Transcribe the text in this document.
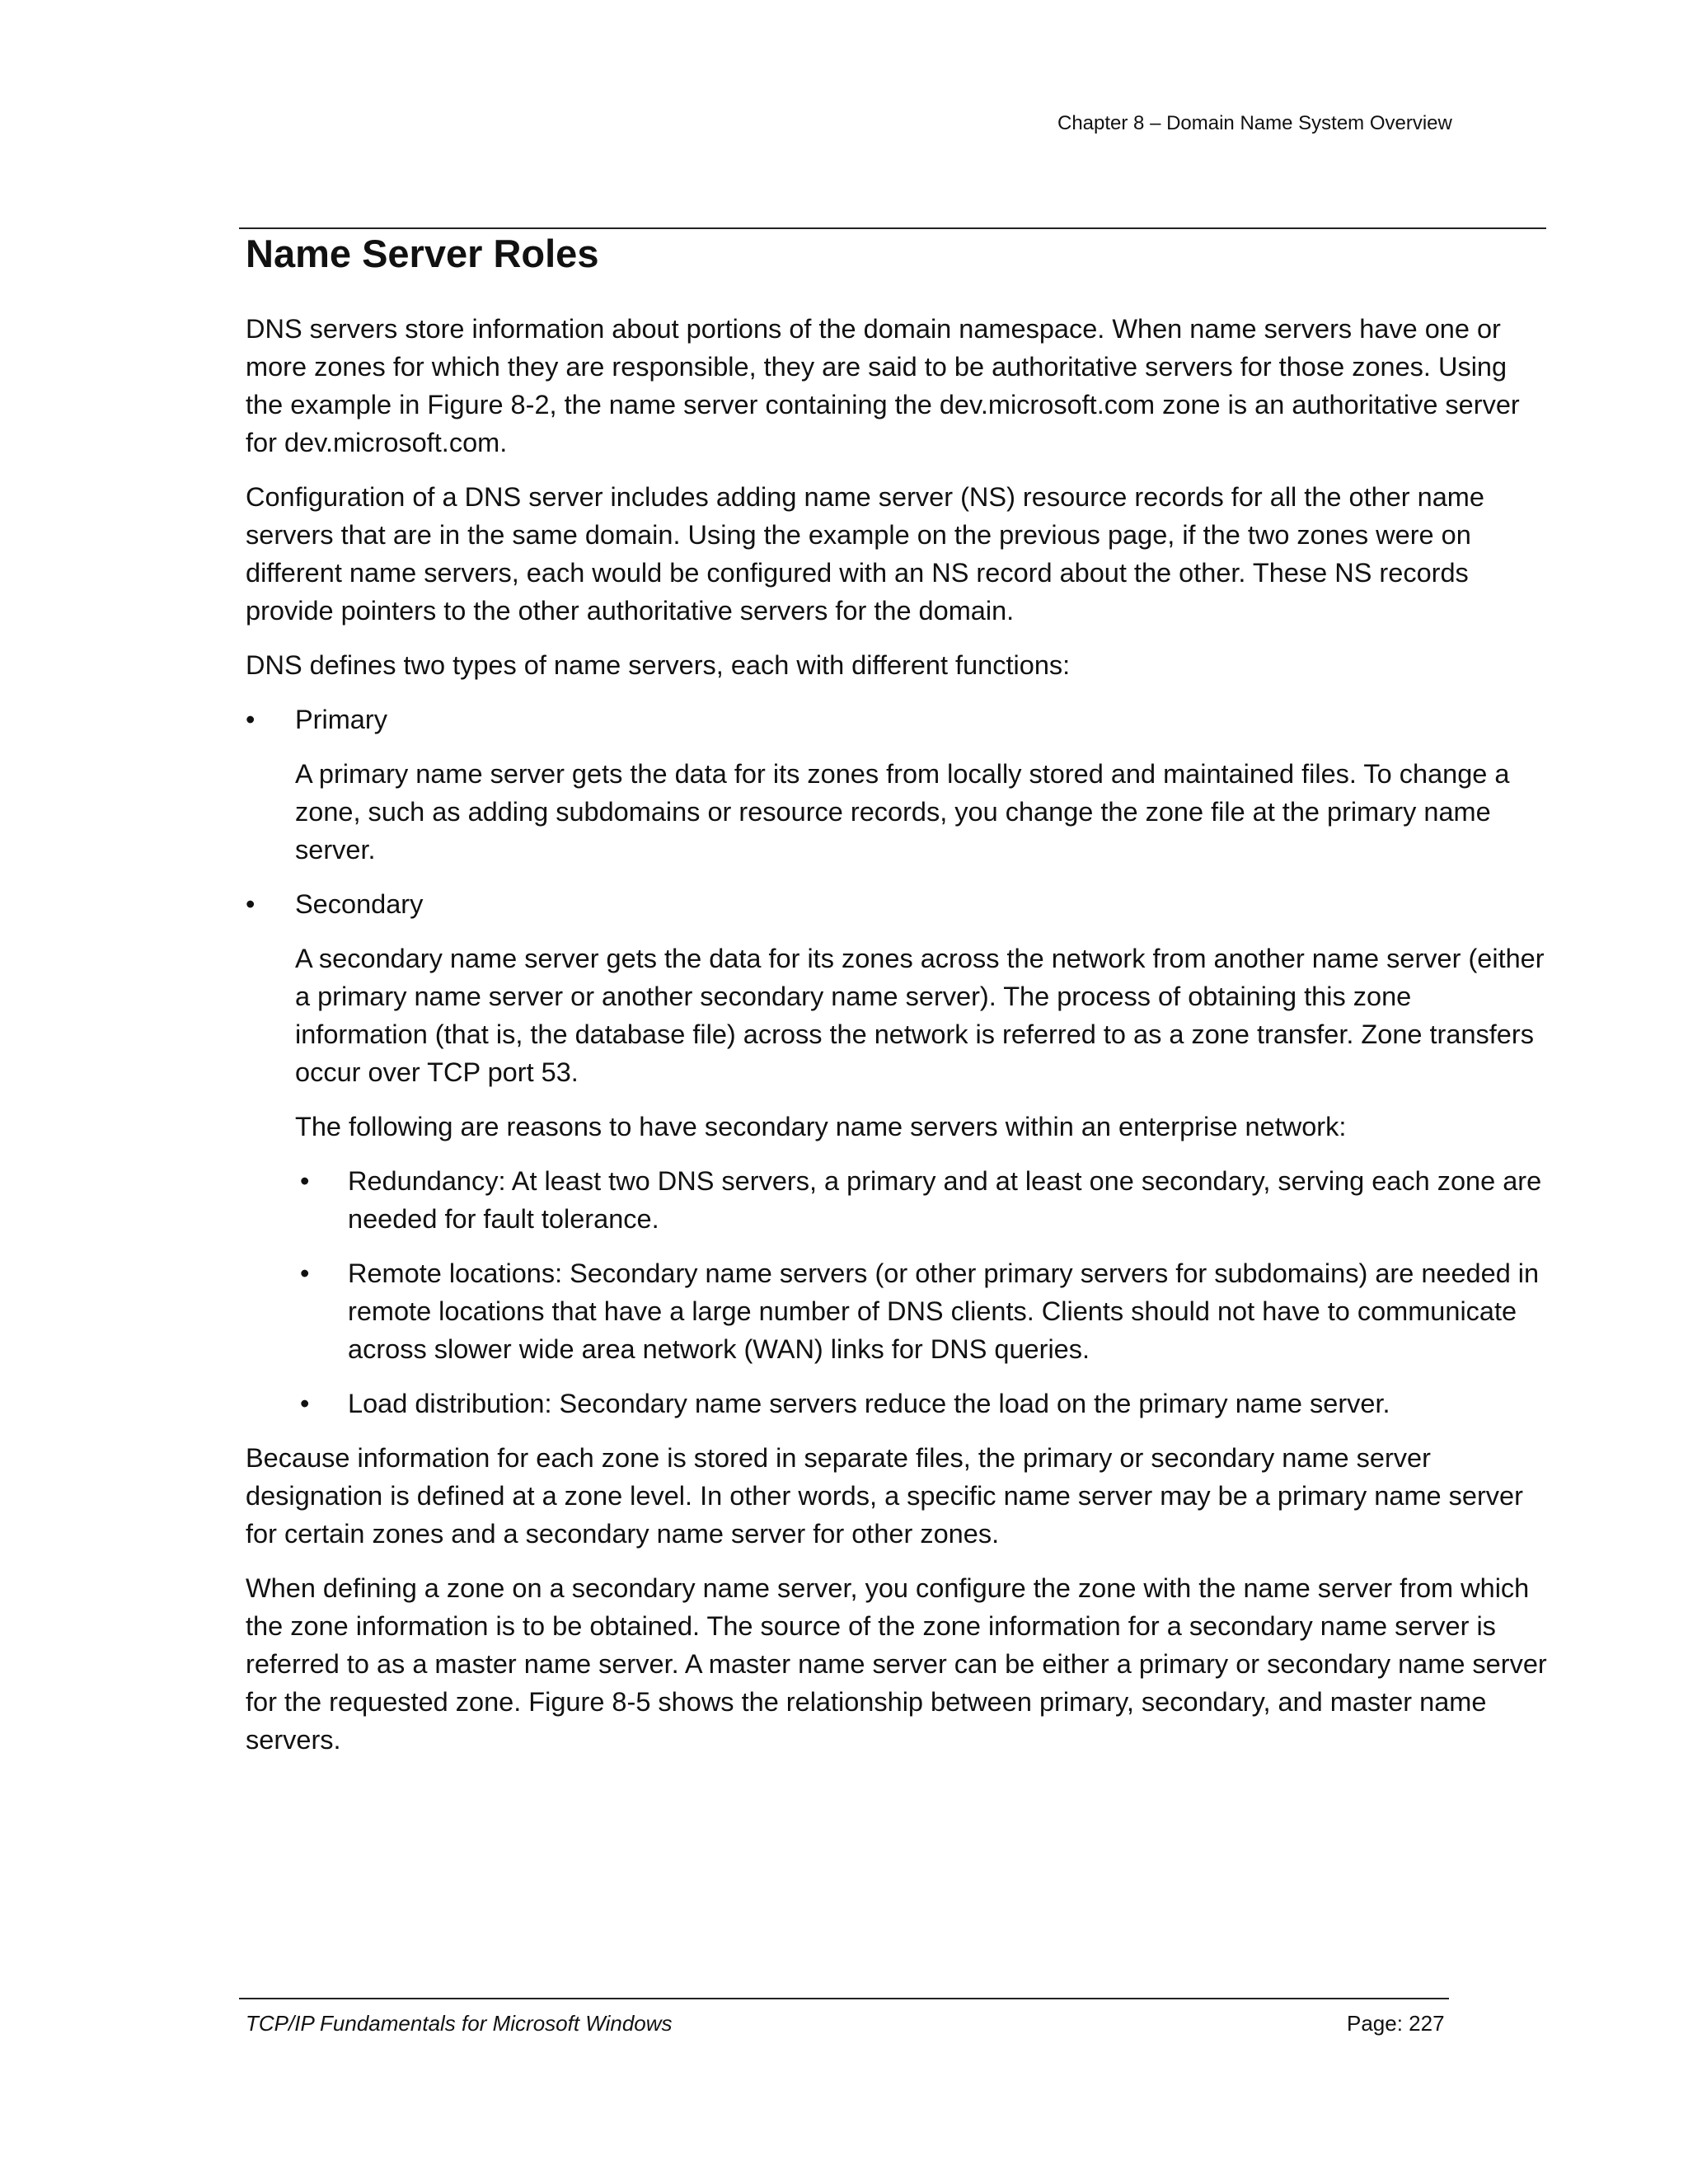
Chapter 8 – Domain Name System Overview
Name Server Roles

DNS servers store information about portions of the domain namespace. When name servers have one or more zones for which they are responsible, they are said to be authoritative servers for those zones. Using the example in Figure 8-2, the name server containing the dev.microsoft.com zone is an authoritative server for dev.microsoft.com.

Configuration of a DNS server includes adding name server (NS) resource records for all the other name servers that are in the same domain. Using the example on the previous page, if the two zones were on different name servers, each would be configured with an NS record about the other. These NS records provide pointers to the other authoritative servers for the domain.

DNS defines two types of name servers, each with different functions:

• Primary

A primary name server gets the data for its zones from locally stored and maintained files. To change a zone, such as adding subdomains or resource records, you change the zone file at the primary name server.

• Secondary

A secondary name server gets the data for its zones across the network from another name server (either a primary name server or another secondary name server). The process of obtaining this zone information (that is, the database file) across the network is referred to as a zone transfer. Zone transfers occur over TCP port 53.

The following are reasons to have secondary name servers within an enterprise network:

• Redundancy: At least two DNS servers, a primary and at least one secondary, serving each zone are needed for fault tolerance.
• Remote locations: Secondary name servers (or other primary servers for subdomains) are needed in remote locations that have a large number of DNS clients. Clients should not have to communicate across slower wide area network (WAN) links for DNS queries.
• Load distribution: Secondary name servers reduce the load on the primary name server.

Because information for each zone is stored in separate files, the primary or secondary name server designation is defined at a zone level. In other words, a specific name server may be a primary name server for certain zones and a secondary name server for other zones.

When defining a zone on a secondary name server, you configure the zone with the name server from which the zone information is to be obtained. The source of the zone information for a secondary name server is referred to as a master name server. A master name server can be either a primary or secondary name server for the requested zone. Figure 8-5 shows the relationship between primary, secondary, and master name servers.

TCP/IP Fundamentals for Microsoft Windows	Page: 227
